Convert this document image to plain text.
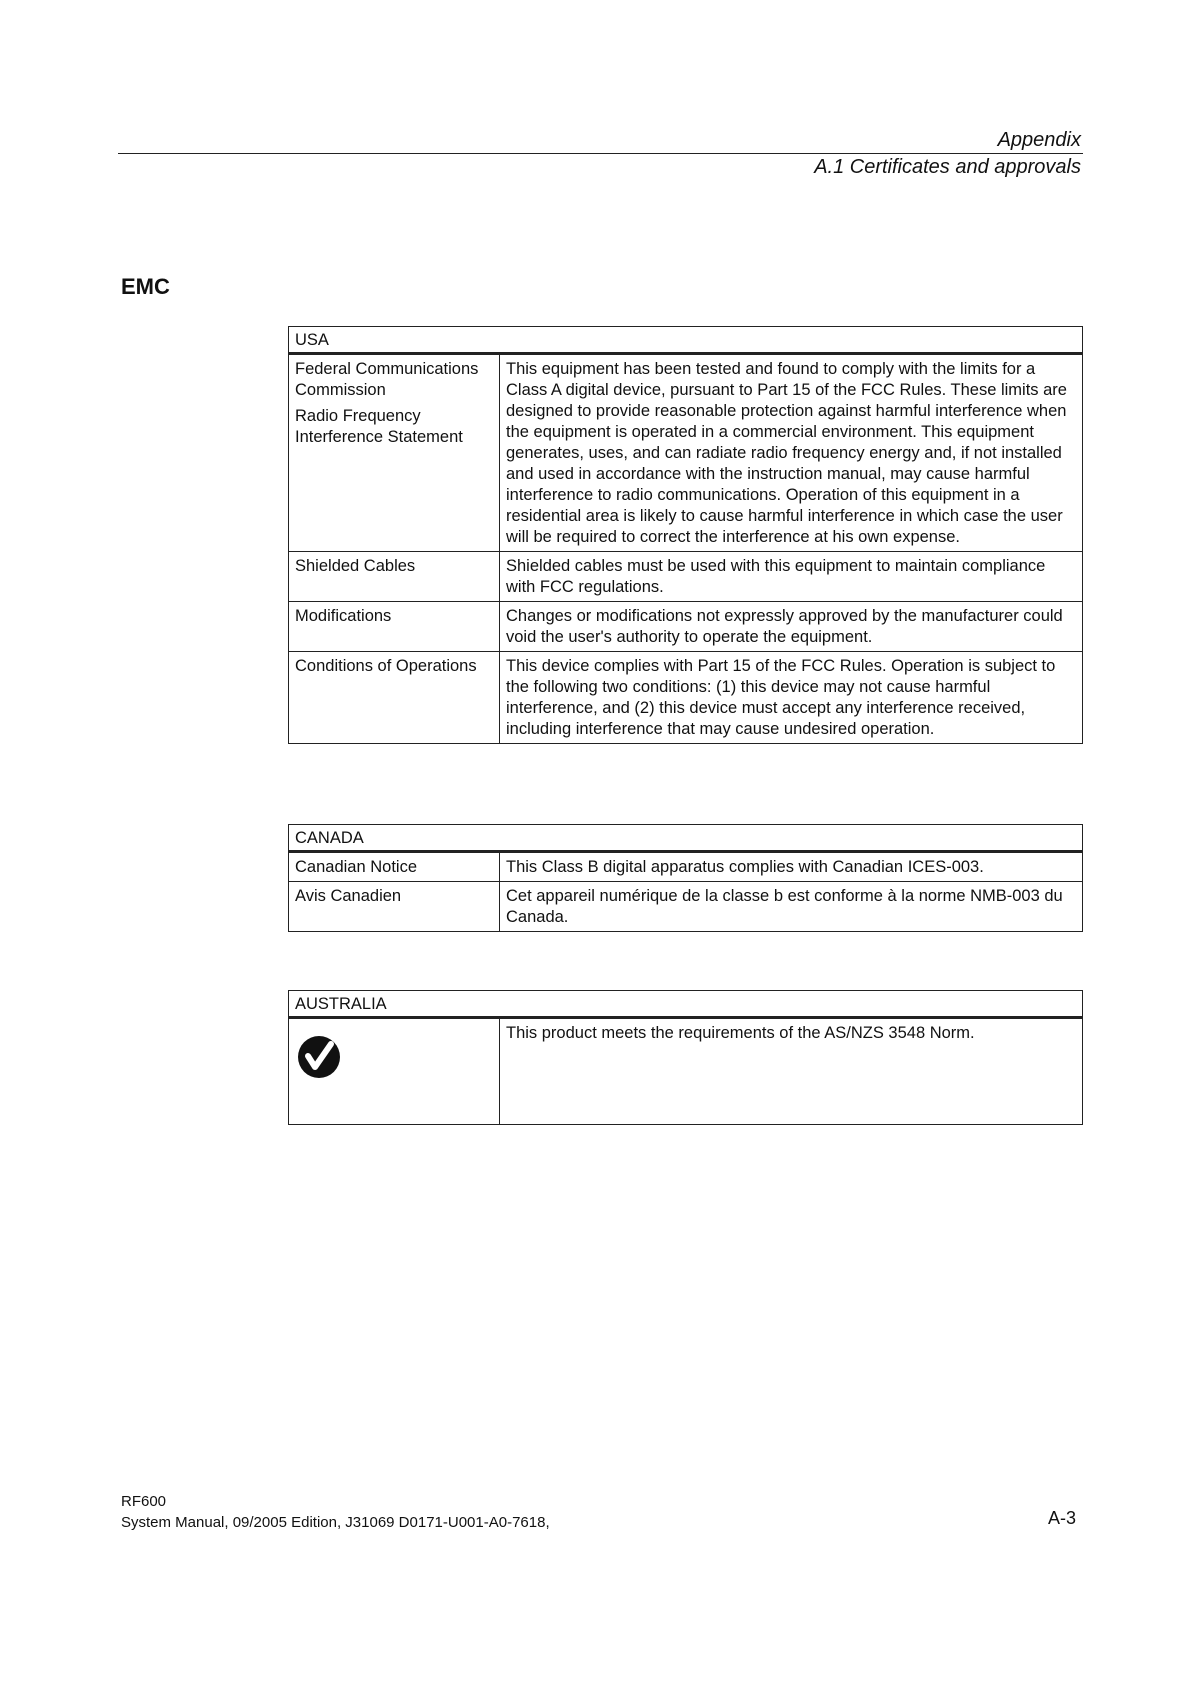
Appendix
A.1 Certificates and approvals
EMC
USA	
Federal Communications Commission
Radio Frequency Interference Statement	This equipment has been tested and found to comply with the limits for a Class A digital device, pursuant to Part 15 of the FCC Rules. These limits are designed to provide reasonable protection against harmful interference when the equipment is operated in a commercial environment. This equipment generates, uses, and can radiate radio frequency energy and, if not installed and used in accordance with the instruction manual, may cause harmful interference to radio communications. Operation of this equipment in a residential area is likely to cause harmful interference in which case the user will be required to correct the interference at his own expense.
Shielded Cables	Shielded cables must be used with this equipment to maintain compliance with FCC regulations.
Modifications	Changes or modifications not expressly approved by the manufacturer could void the user's authority to operate the equipment.
Conditions of Operations	This device complies with Part 15 of the FCC Rules. Operation is subject to the following two conditions: (1) this device may not cause harmful interference, and (2) this device must accept any interference received, including interference that may cause undesired operation.
CANADA	
Canadian Notice	This Class B digital apparatus complies with Canadian ICES-003.
Avis Canadien	Cet appareil numérique de la classe b est conforme à la norme NMB-003 du Canada.
AUSTRALIA

	This product meets the requirements of the AS/NZS 3548 Norm.
RF600
System Manual, 09/2005 Edition, J31069 D0171-U001-A0-7618,	A-3
